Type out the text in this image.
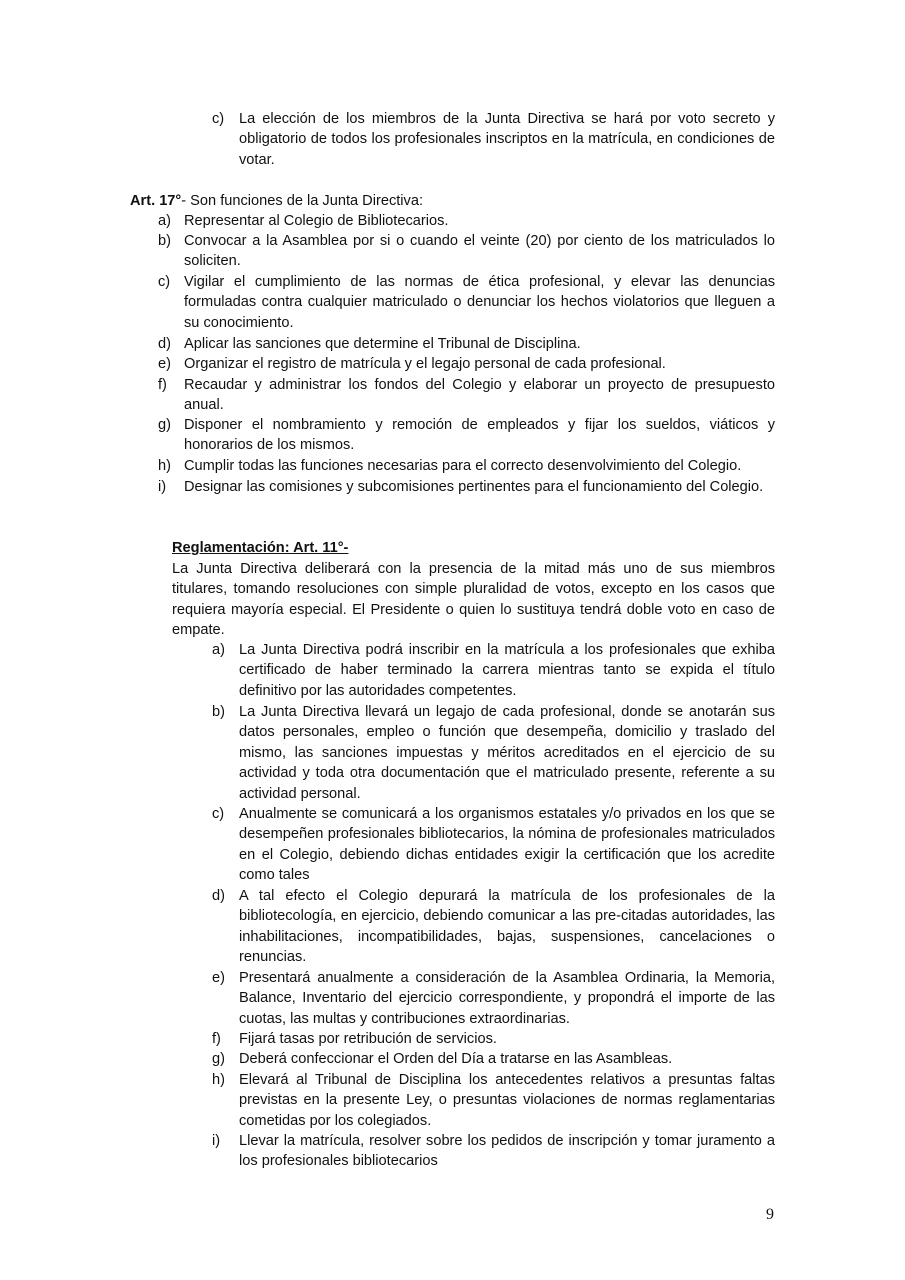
c) La elección de los miembros de la Junta Directiva se hará por voto secreto y obligatorio de todos los profesionales inscriptos en la matrícula, en condiciones de votar.
Art. 17°- Son funciones de la Junta Directiva:
a) Representar al Colegio de Bibliotecarios.
b) Convocar a la Asamblea por si o cuando el veinte (20) por ciento de los matriculados lo soliciten.
c) Vigilar el cumplimiento de las normas de ética profesional, y elevar las denuncias formuladas contra cualquier matriculado o denunciar los hechos violatorios que lleguen a su conocimiento.
d) Aplicar las sanciones que determine el Tribunal de Disciplina.
e) Organizar el registro de matrícula y el legajo personal de cada profesional.
f) Recaudar y administrar los fondos del Colegio y elaborar un proyecto de presupuesto anual.
g) Disponer el nombramiento y remoción de empleados y fijar los sueldos, viáticos y honorarios de los mismos.
h) Cumplir todas las funciones necesarias para el correcto desenvolvimiento del Colegio.
i) Designar las comisiones y subcomisiones pertinentes para el funcionamiento del Colegio.
Reglamentación: Art. 11°-
La Junta Directiva deliberará con la presencia de la mitad más uno de sus miembros titulares, tomando resoluciones con simple pluralidad de votos, excepto en los casos que requiera mayoría especial. El Presidente o quien lo sustituya tendrá doble voto en caso de empate.
a) La Junta Directiva podrá inscribir en la matrícula a los profesionales que exhiba certificado de haber terminado la carrera mientras tanto se expida el título definitivo por las autoridades competentes.
b) La Junta Directiva llevará un legajo de cada profesional, donde se anotarán sus datos personales, empleo o función que desempeña, domicilio y traslado del mismo, las sanciones impuestas y méritos acreditados en el ejercicio de su actividad y toda otra documentación que el matriculado presente, referente a su actividad personal.
c) Anualmente se comunicará a los organismos estatales y/o privados en los que se desempeñen profesionales bibliotecarios, la nómina de profesionales matriculados en el Colegio, debiendo dichas entidades exigir la certificación que los acredite como tales
d) A tal efecto el Colegio depurará la matrícula de los profesionales de la bibliotecología, en ejercicio, debiendo comunicar a las pre-citadas autoridades, las inhabilitaciones, incompatibilidades, bajas, suspensiones, cancelaciones o renuncias.
e) Presentará anualmente a consideración de la Asamblea Ordinaria, la Memoria, Balance, Inventario del ejercicio correspondiente, y propondrá el importe de las cuotas, las multas y contribuciones extraordinarias.
f) Fijará tasas por retribución de servicios.
g) Deberá confeccionar el Orden del Día a tratarse en las Asambleas.
h) Elevará al Tribunal de Disciplina los antecedentes relativos a presuntas faltas previstas en la presente Ley, o presuntas violaciones de normas reglamentarias cometidas por los colegiados.
i) Llevar la matrícula, resolver sobre los pedidos de inscripción y tomar juramento a los profesionales bibliotecarios
9
